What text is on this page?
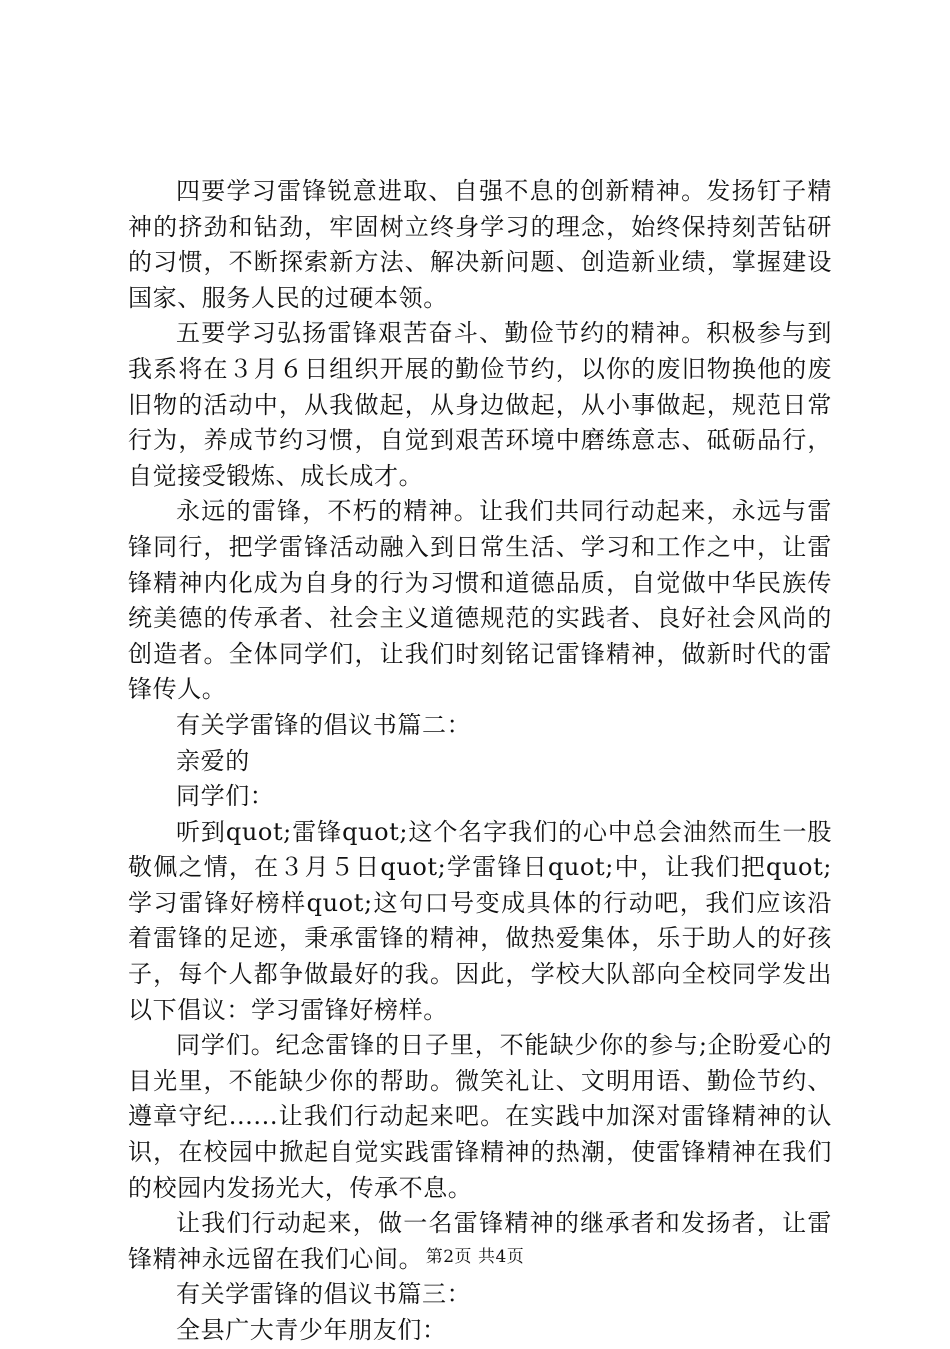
四要学习雷锋锐意进取、自强不息的创新精神。发扬钉子精神的挤劲和钻劲，牢固树立终身学习的理念，始终保持刻苦钻研的习惯，不断探索新方法、解决新问题、创造新业绩，掌握建设国家、服务人民的过硬本领。

五要学习弘扬雷锋艰苦奋斗、勤俭节约的精神。积极参与到我系将在３月６日组织开展的勤俭节约，以你的废旧物换他的废旧物的活动中，从我做起，从身边做起，从小事做起，规范日常行为，养成节约习惯，自觉到艰苦环境中磨练意志、砥砺品行，自觉接受锻炼、成长成才。

永远的雷锋，不朽的精神。让我们共同行动起来，永远与雷锋同行，把学雷锋活动融入到日常生活、学习和工作之中，让雷锋精神内化成为自身的行为习惯和道德品质，自觉做中华民族传统美德的传承者、社会主义道德规范的实践者、良好社会风尚的创造者。全体同学们，让我们时刻铭记雷锋精神，做新时代的雷锋传人。

有关学雷锋的倡议书篇二：

亲爱的

同学们：

听到quot;雷锋quot;这个名字我们的心中总会油然而生一股敬佩之情，在３月５日quot;学雷锋日quot;中，让我们把quot;学习雷锋好榜样quot;这句口号变成具体的行动吧，我们应该沿着雷锋的足迹，秉承雷锋的精神，做热爱集体，乐于助人的好孩子，每个人都争做最好的我。因此，学校大队部向全校同学发出以下倡议：学习雷锋好榜样。

同学们。纪念雷锋的日子里，不能缺少你的参与;企盼爱心的目光里，不能缺少你的帮助。微笑礼让、文明用语、勤俭节约、遵章守纪......让我们行动起来吧。在实践中加深对雷锋精神的认识，在校园中掀起自觉实践雷锋精神的热潮，使雷锋精神在我们的校园内发扬光大，传承不息。

让我们行动起来，做一名雷锋精神的继承者和发扬者，让雷锋精神永远留在我们心间。

有关学雷锋的倡议书篇三：

全县广大青少年朋友们：

第2页 共4页
